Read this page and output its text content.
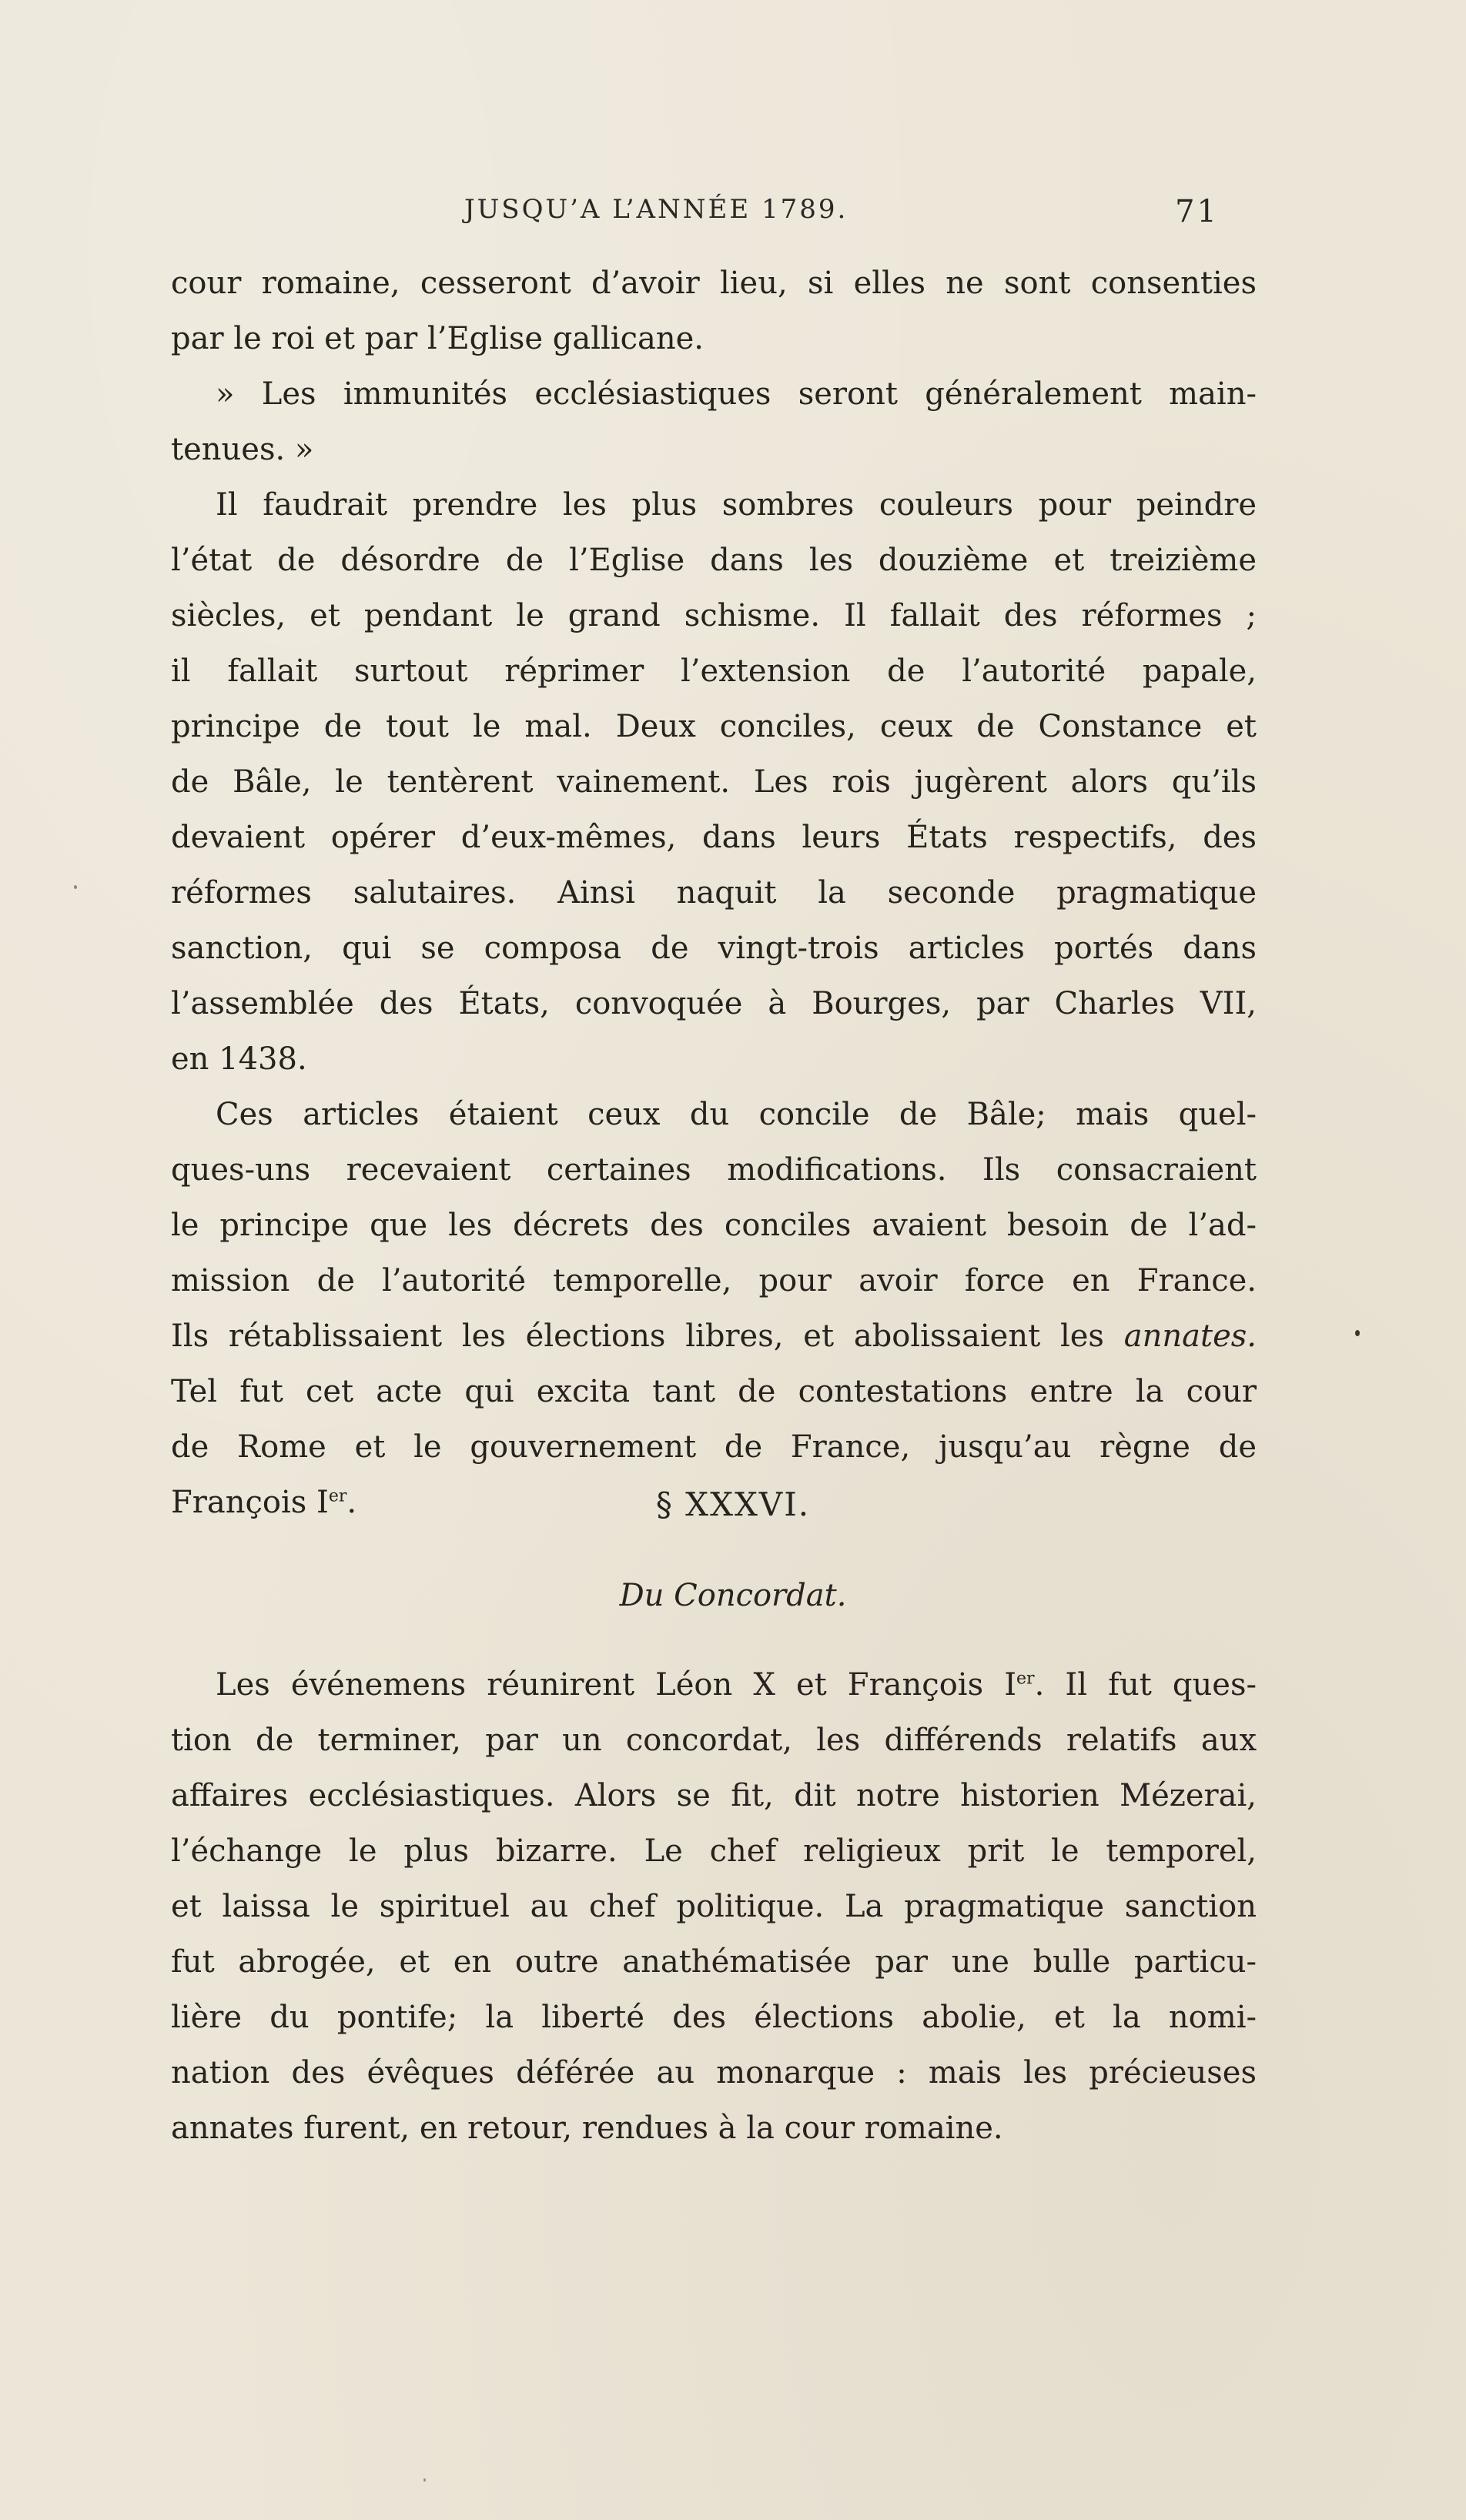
JUSQU’A L’ANNÉE 1789.	71

cour romaine, cesseront d’avoir lieu, si elles ne sont consenties

par le roi et par l’Eglise gallicane.

» Les immunités ecclésiastiques seront généralement main-

tenues. »

Il faudrait prendre les plus sombres couleurs pour peindre

l’état de désordre de l’Eglise dans les douzième et treizième

siècles, et pendant le grand schisme. Il fallait des réformes ;

il fallait surtout réprimer l’extension de l’autorité papale,

principe de tout le mal. Deux conciles, ceux de Constance et

de Bâle, le tentèrent vainement. Les rois jugèrent alors qu’ils

devaient opérer d’eux-mêmes, dans leurs États respectifs, des

réformes salutaires. Ainsi naquit la seconde pragmatique

sanction, qui se composa de vingt-trois articles portés dans

l’assemblée des États, convoquée à Bourges, par Charles VII,

en 1438.

Ces articles étaient ceux du concile de Bâle; mais quel-

ques-uns recevaient certaines modifications. Ils consacraient

le principe que les décrets des conciles avaient besoin de l’ad-

mission de l’autorité temporelle, pour avoir force en France.

Ils rétablissaient les élections libres, et abolissaient les annates.

Tel fut cet acte qui excita tant de contestations entre la cour

de Rome et le gouvernement de France, jusqu’au règne de

François Ier.	§ XXXVI.
Du Concordat.

Les événemens réunirent Léon X et François Ier. Il fut ques-

tion de terminer, par un concordat, les différends relatifs aux

affaires ecclésiastiques. Alors se fit, dit notre historien Mézerai,

l’échange le plus bizarre. Le chef religieux prit le temporel,

et laissa le spirituel au chef politique. La pragmatique sanction

fut abrogée, et en outre anathématisée par une bulle particu-

lière du pontife; la liberté des élections abolie, et la nomi-

nation des évêques déférée au monarque : mais les précieuses

annates furent, en retour, rendues à la cour romaine.
